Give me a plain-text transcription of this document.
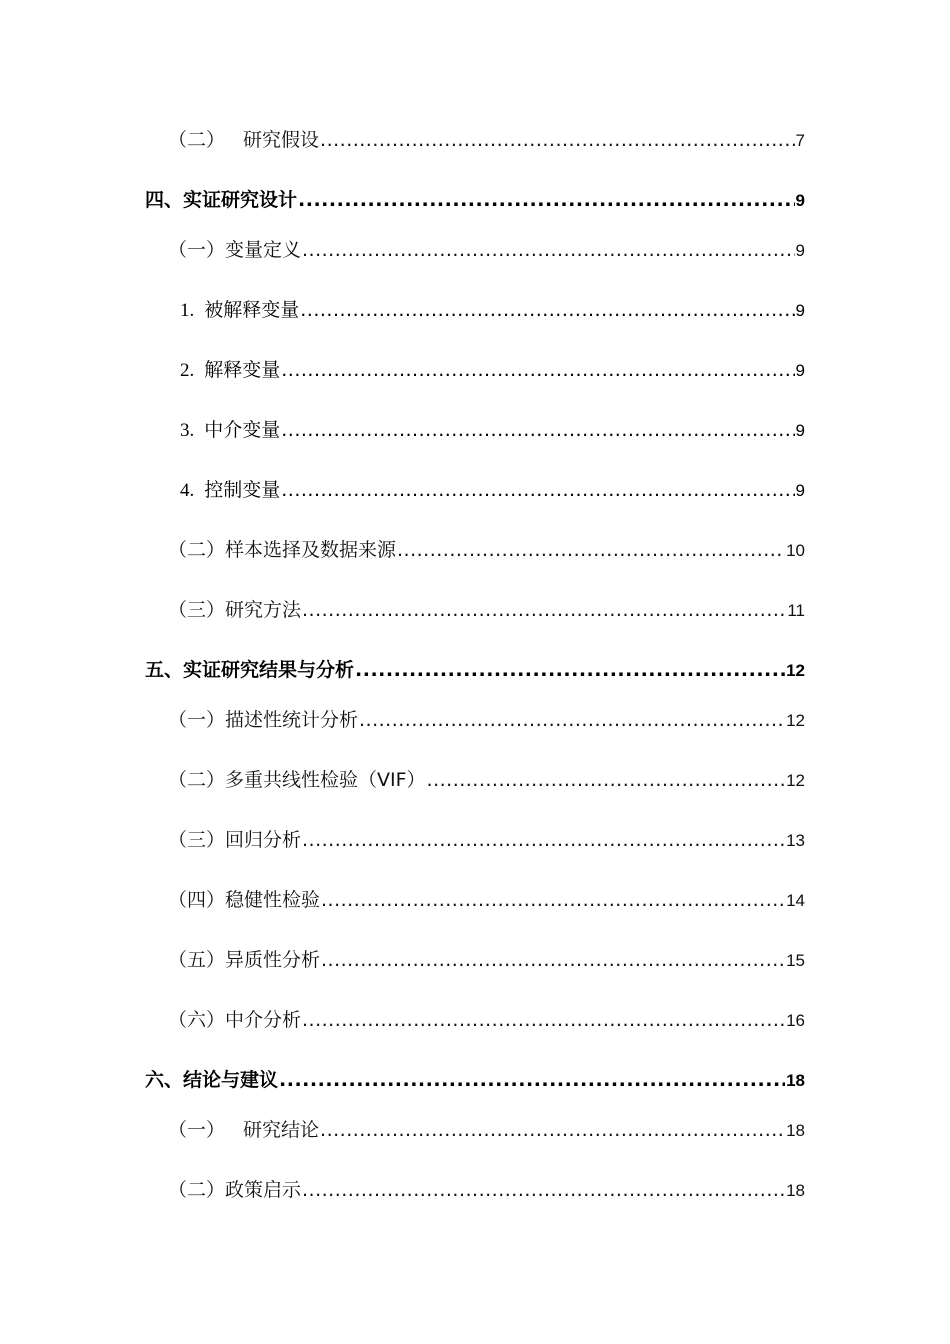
（二） 研究假设 .....	7
四、实证研究设计 .....	9
（一）变量定义 .....	9
1. 被解释变量 .....	9
2. 解释变量 .....	9
3. 中介变量 .....	9
4. 控制变量 .....	9
（二）样本选择及数据来源 .....	10
（三）研究方法 .....	11
五、实证研究结果与分析 .....	12
（一）描述性统计分析 .....	12
（二）多重共线性检验（VIF） .....	12
（三）回归分析 .....	13
（四）稳健性检验 .....	14
（五）异质性分析 .....	15
（六）中介分析 .....	16
六、结论与建议 .....	18
（一） 研究结论 .....	18
（二）政策启示 .....	18
